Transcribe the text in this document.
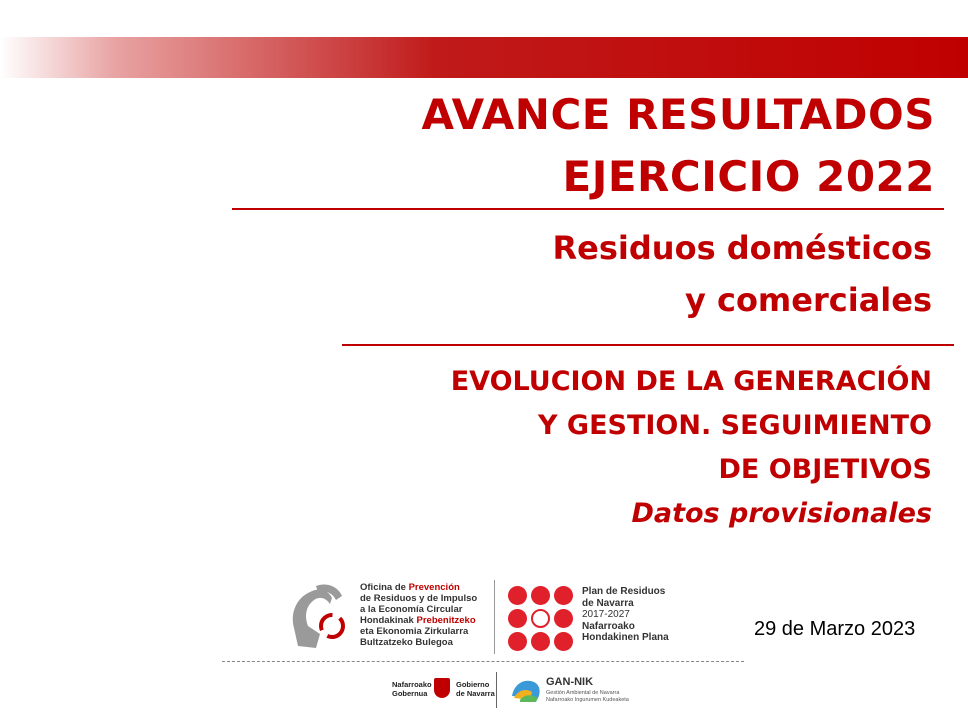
AVANCE RESULTADOS
EJERCICIO 2022
Residuos domésticos
y comerciales
EVOLUCION DE LA GENERACIÓN
Y GESTION. SEGUIMIENTO
DE OBJETIVOS
Datos provisionales
Oficina de Prevención
de Residuos y de Impulso
a la Economía Circular
Hondakinak Prebenitzeko
eta Ekonomia Zirkularra
Bultzatzeko Bulegoa
Plan de Residuos
de Navarra
2017-2027
Nafarroako
Hondakinen Plana	29 de Marzo 2023
Nafarroako
Gobernua
Gobierno
de Navarra
GAN-NIK
Gestión Ambiental de Navarra
Nafarroako Ingurumen Kudeaketa
